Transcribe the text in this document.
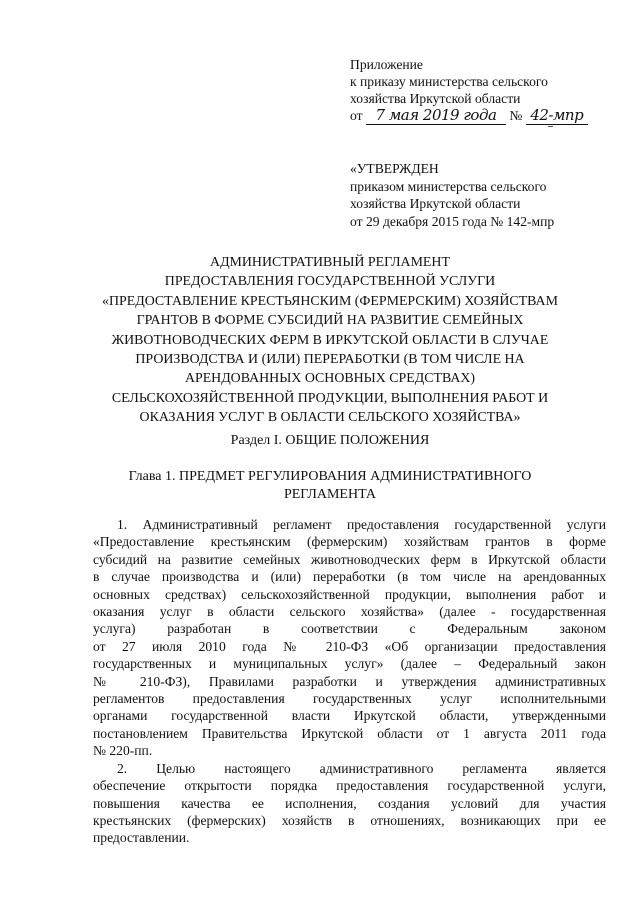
Приложение
к приказу министерства сельского
хозяйства Иркутской области
от 7 мая 2019 года № 42-мпр
«УТВЕРЖДЕН
приказом министерства сельского
хозяйства Иркутской области
от 29 декабря 2015 года № 142-мпр
АДМИНИСТРАТИВНЫЙ РЕГЛАМЕНТ
ПРЕДОСТАВЛЕНИЯ ГОСУДАРСТВЕННОЙ УСЛУГИ
«ПРЕДОСТАВЛЕНИЕ КРЕСТЬЯНСКИМ (ФЕРМЕРСКИМ) ХОЗЯЙСТВАМ
ГРАНТОВ В ФОРМЕ СУБСИДИЙ НА РАЗВИТИЕ СЕМЕЙНЫХ
ЖИВОТНОВОДЧЕСКИХ ФЕРМ В ИРКУТСКОЙ ОБЛАСТИ В СЛУЧАЕ
ПРОИЗВОДСТВА И (ИЛИ) ПЕРЕРАБОТКИ (В ТОМ ЧИСЛЕ НА
АРЕНДОВАННЫХ ОСНОВНЫХ СРЕДСТВАХ)
СЕЛЬСКОХОЗЯЙСТВЕННОЙ ПРОДУКЦИИ, ВЫПОЛНЕНИЯ РАБОТ И
ОКАЗАНИЯ УСЛУГ В ОБЛАСТИ СЕЛЬСКОГО ХОЗЯЙСТВА»
Раздел I. ОБЩИЕ ПОЛОЖЕНИЯ
Глава 1. ПРЕДМЕТ РЕГУЛИРОВАНИЯ АДМИНИСТРАТИВНОГО
РЕГЛАМЕНТА
1. Административный регламент предоставления государственной услуги
«Предоставление крестьянским (фермерским) хозяйствам грантов в форме
субсидий на развитие семейных животноводческих ферм в Иркутской области
в случае производства и (или) переработки (в том числе на арендованных
основных средствах) сельскохозяйственной продукции, выполнения работ и
оказания услуг в области сельского хозяйства» (далее - государственная
услуга) разработан в соответствии с Федеральным законом
от 27 июля 2010 года № 210-ФЗ «Об организации предоставления
государственных и муниципальных услуг» (далее – Федеральный закон
№ 210-ФЗ), Правилами разработки и утверждения административных
регламентов предоставления государственных услуг исполнительными
органами государственной власти Иркутской области, утвержденными
постановлением Правительства Иркутской области от 1 августа 2011 года
№ 220-пп.
2. Целью настоящего административного регламента является
обеспечение открытости порядка предоставления государственной услуги,
повышения качества ее исполнения, создания условий для участия
крестьянских (фермерских) хозяйств в отношениях, возникающих при ее
предоставлении.
